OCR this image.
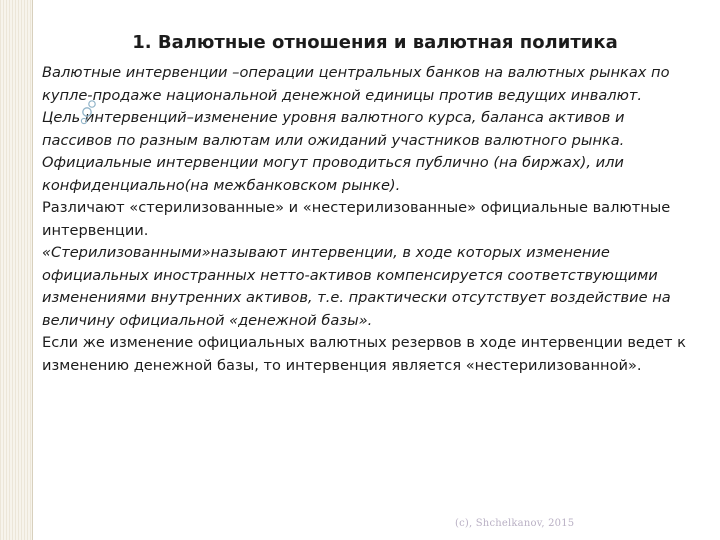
1. Валютные отношения и валютная политика

Валютные интервенции –операции центральных банков на валютных рынках по купле-продаже национальной денежной единицы против ведущих инвалют.

Цель интервенций–изменение уровня валютного курса, баланса активов и пассивов по разным валютам или ожиданий участников валютного рынка.

Официальные интервенции могут проводиться публично (на биржах), или конфиденциально(на межбанковском рынке).

Различают «стерилизованные» и «нестерилизованные» официальные валютные интервенции.

«Стерилизованными»называют интервенции, в ходе которых изменение официальных иностранных нетто-активов компенсируется соответствующими изменениями внутренних активов, т.е. практически отсутствует воздействие на величину официальной «денежной базы».

Если же изменение официальных валютных резервов в ходе интервенции ведет к изменению денежной базы, то интервенция является «нестерилизованной».

(c), Shchelkanov, 2015
